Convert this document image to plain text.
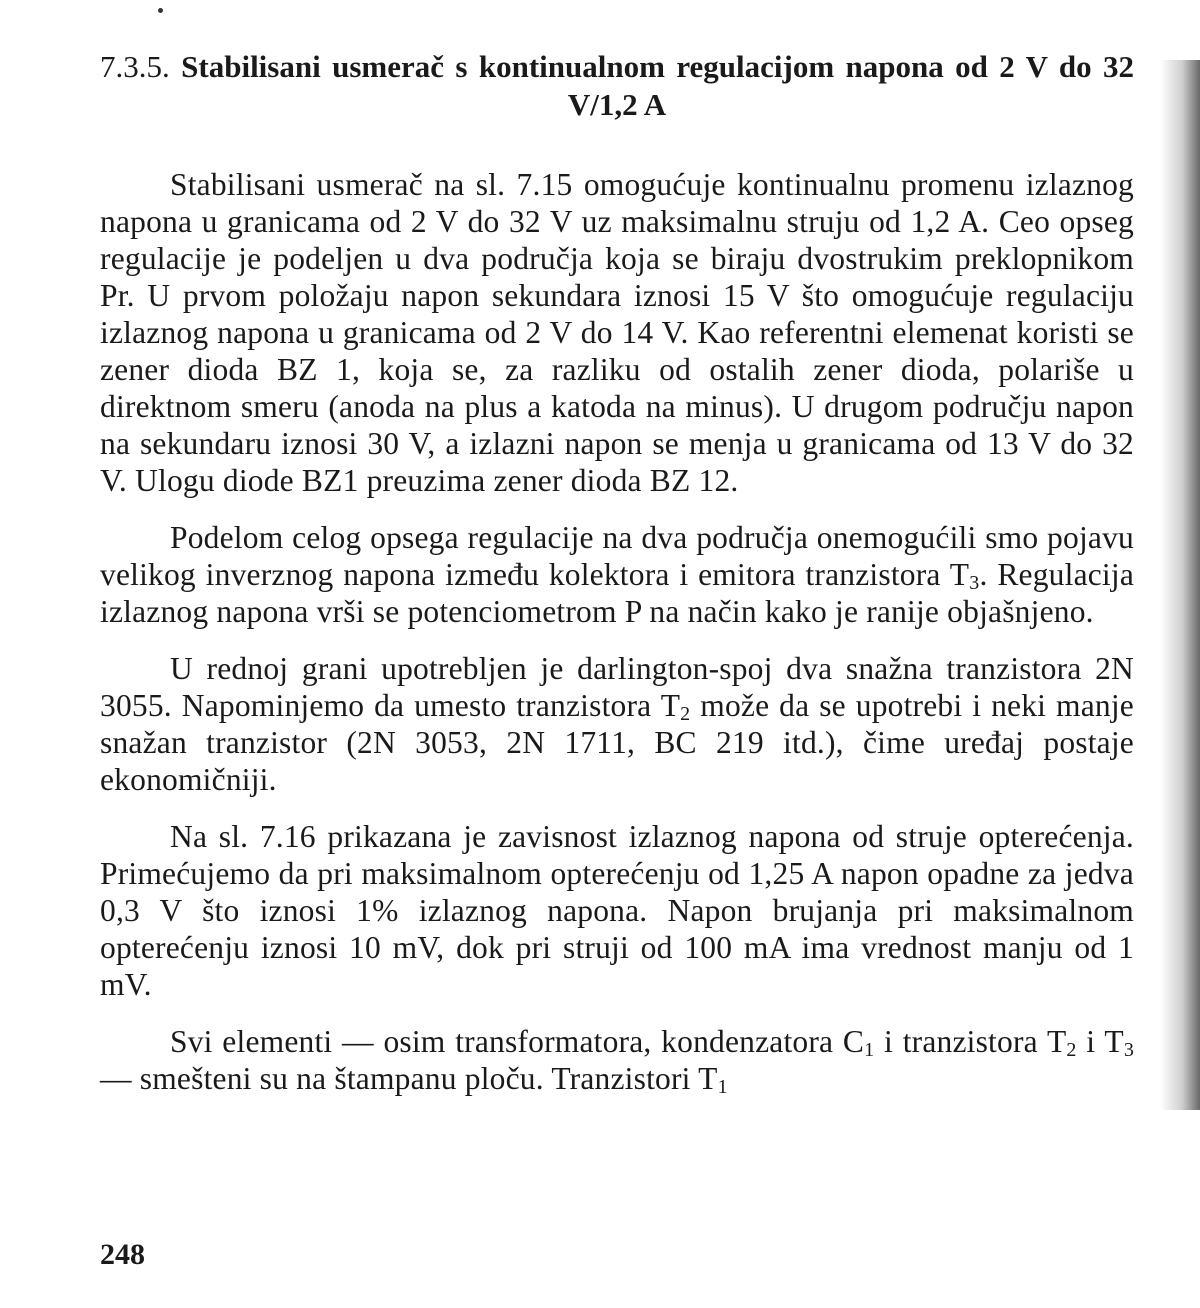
7.3.5. Stabilisani usmerač s kontinualnom regulacijom napona od 2 V do 32 V/1,2 A

Stabilisani usmerač na sl. 7.15 omogućuje kontinualnu promenu izlaznog napona u granicama od 2 V do 32 V uz maksimalnu struju od 1,2 A. Ceo opseg regulacije je podeljen u dva područja koja se biraju dvostrukim preklopnikom Pr. U prvom položaju napon sekundara iznosi 15 V što omogućuje regulaciju izlaznog napona u granicama od 2 V do 14 V. Kao referentni elemenat koristi se zener dioda BZ 1, koja se, za razliku od ostalih zener dioda, polariše u direktnom smeru (anoda na plus a katoda na minus). U drugom području napon na sekundaru iznosi 30 V, a izlazni napon se menja u granicama od 13 V do 32 V. Ulogu diode BZ1 preuzima zener dioda BZ 12.

Podelom celog opsega regulacije na dva područja onemogućili smo pojavu velikog inverznog napona između kolektora i emitora tranzistora $T_3$. Regulacija izlaznog napona vrši se potenciometrom P na način kako je ranije objašnjeno.

U rednoj grani upotrebljen je darlington-spoj dva snažna tranzistora 2N 3055. Napominjemo da umesto tranzistora $T_2$ može da se upotrebi i neki manje snažan tranzistor (2N 3053, 2N 1711, BC 219 itd.), čime uređaj postaje ekonomičniji.

Na sl. 7.16 prikazana je zavisnost izlaznog napona od struje opterećenja. Primećujemo da pri maksimalnom opterećenju od 1,25 A napon opadne za jedva 0,3 V što iznosi 1% izlaznog napona. Napon brujanja pri maksimalnom opterećenju iznosi 10 mV, dok pri struji od 100 mA ima vrednost manju od 1 mV.

Svi elementi — osim transformatora, kondenzatora $C_1$ i tranzistora $T_2$ i $T_3$ — smešteni su na štampanu ploču. Tranzistori $T_1$

248
